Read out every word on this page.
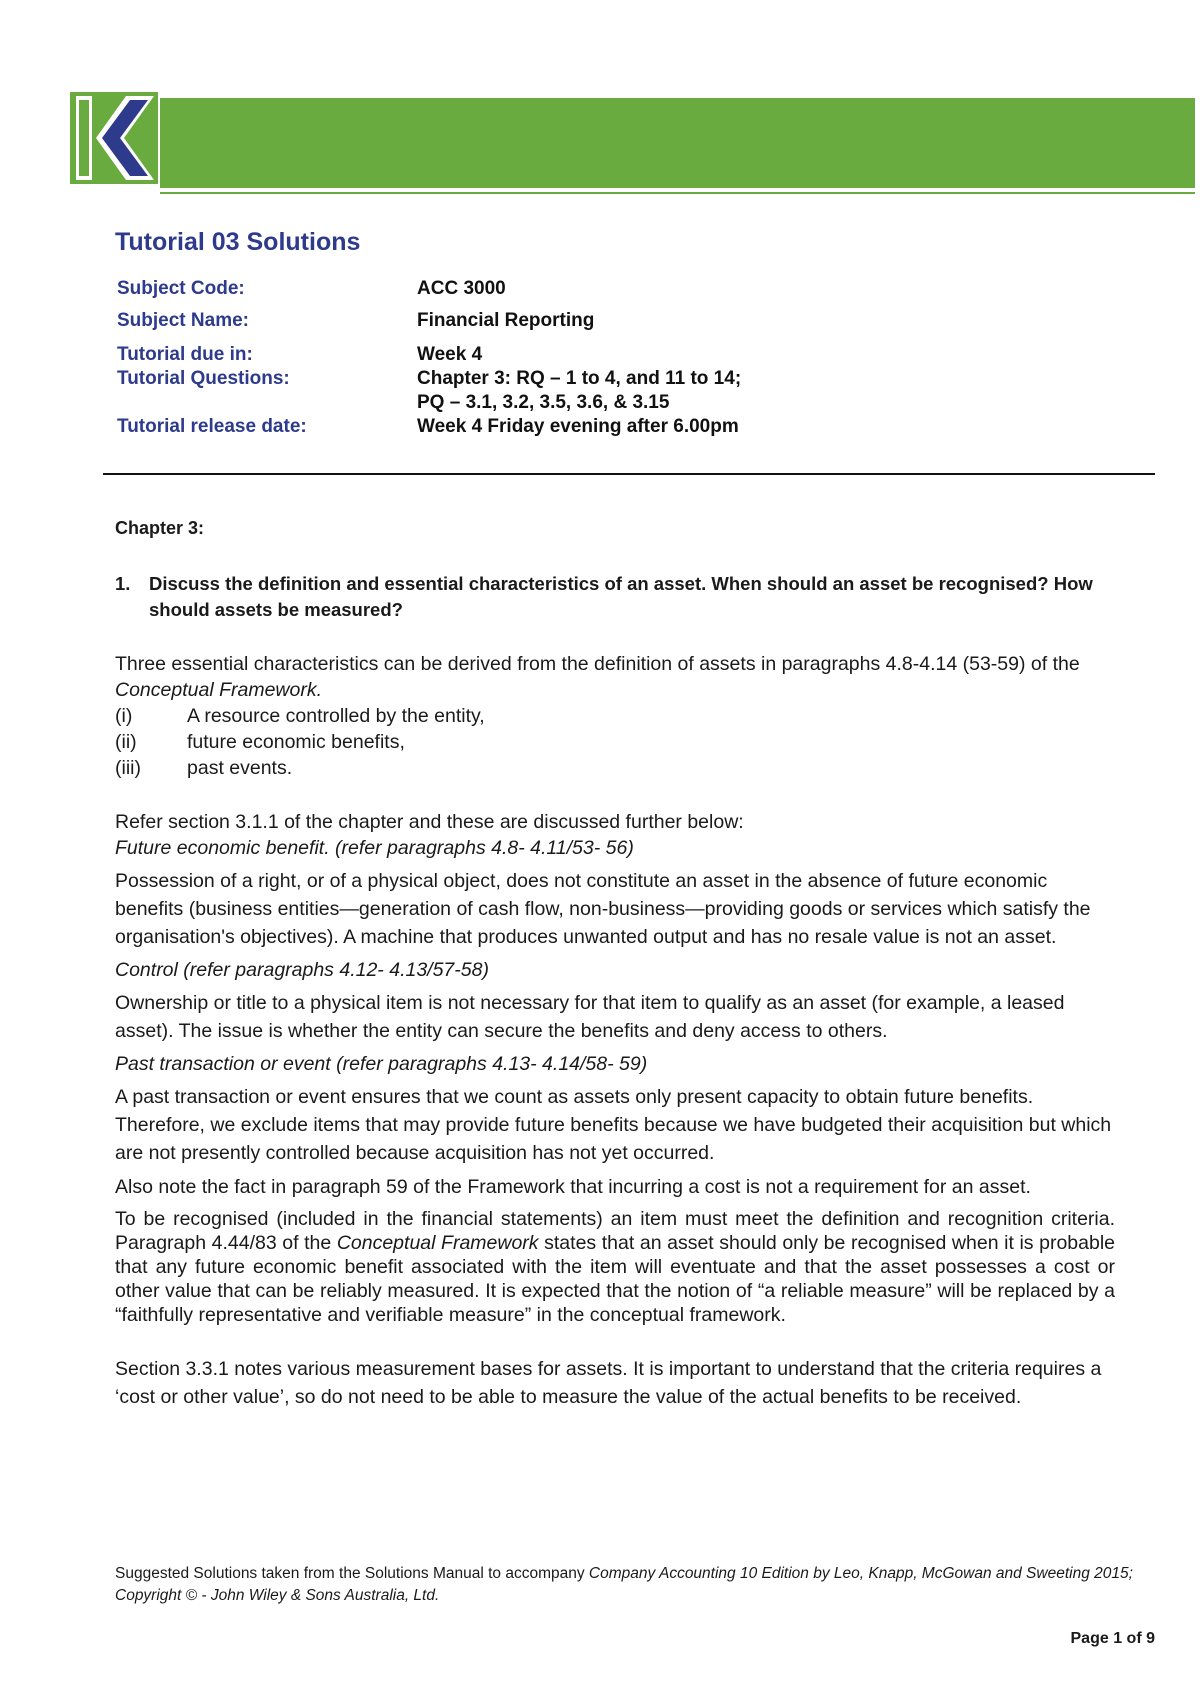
Tutorial 03 Solutions
Subject Code:	ACC 3000
Subject Name:	Financial Reporting
Tutorial due in:	Week 4
Tutorial Questions:	Chapter 3: RQ – 1 to 4, and 11 to 14;
PQ – 3.1, 3.2, 3.5, 3.6, & 3.15
Tutorial release date:	Week 4 Friday evening after 6.00pm
Chapter 3:
1.	Discuss the definition and essential characteristics of an asset. When should an asset be recognised? How should assets be measured?

Three essential characteristics can be derived from the definition of assets in paragraphs 4.8-4.14 (53-59) of the Conceptual Framework.

(i)	A resource controlled by the entity,
(ii)	future economic benefits,
(iii)	past events.

Refer section 3.1.1 of the chapter and these are discussed further below:

Future economic benefit. (refer paragraphs 4.8- 4.11/53- 56)

Possession of a right, or of a physical object, does not constitute an asset in the absence of future economic benefits (business entities—generation of cash flow, non-business—providing goods or services which satisfy the organisation's objectives). A machine that produces unwanted output and has no resale value is not an asset.

Control (refer paragraphs 4.12- 4.13/57-58)

Ownership or title to a physical item is not necessary for that item to qualify as an asset (for example, a leased asset). The issue is whether the entity can secure the benefits and deny access to others.

Past transaction or event (refer paragraphs 4.13- 4.14/58- 59)

A past transaction or event ensures that we count as assets only present capacity to obtain future benefits. Therefore, we exclude items that may provide future benefits because we have budgeted their acquisition but which are not presently controlled because acquisition has not yet occurred.

Also note the fact in paragraph 59 of the Framework that incurring a cost is not a requirement for an asset.

To be recognised (included in the financial statements) an item must meet the definition and recognition criteria. Paragraph 4.44/83 of the Conceptual Framework states that an asset should only be recognised when it is probable that any future economic benefit associated with the item will eventuate and that the asset possesses a cost or other value that can be reliably measured. It is expected that the notion of “a reliable measure” will be replaced by a “faithfully representative and verifiable measure” in the conceptual framework.

Section 3.3.1 notes various measurement bases for assets. It is important to understand that the criteria requires a ‘cost or other value’, so do not need to be able to measure the value of the actual benefits to be received.

Suggested Solutions taken from the Solutions Manual to accompany Company Accounting 10 Edition by Leo, Knapp, McGowan and Sweeting 2015; Copyright © - John Wiley & Sons Australia, Ltd.
Page 1 of 9
